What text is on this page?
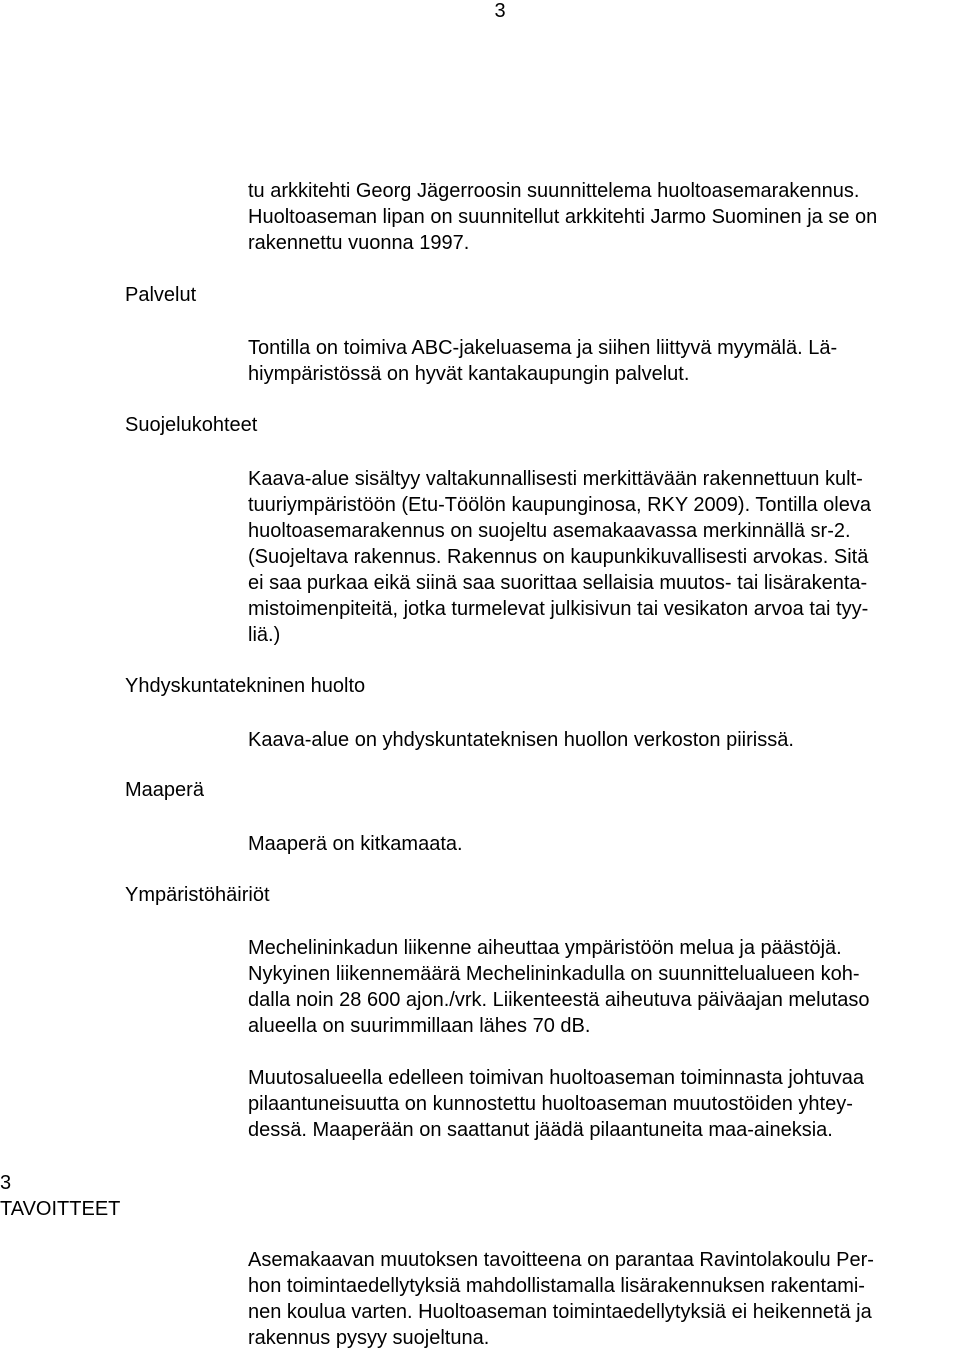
3

tu arkkitehti Georg Jägerroosin suunnittelema huoltoasemarakennus.
Huoltoaseman lipan on suunnitellut arkkitehti Jarmo Suominen ja se on
rakennettu vuonna 1997.

Palvelut

Tontilla on toimiva ABC-jakeluasema ja siihen liittyvä myymälä. Lä-
hiympäristössä on hyvät kantakaupungin palvelut.

Suojelukohteet

Kaava-alue sisältyy valtakunnallisesti merkittävään rakennettuun kult-
tuuriympäristöön (Etu-Töölön kaupunginosa, RKY 2009). Tontilla oleva
huoltoasemarakennus on suojeltu asemakaavassa merkinnällä sr-2.
(Suojeltava rakennus. Rakennus on kaupunkikuvallisesti arvokas. Sitä
ei saa purkaa eikä siinä saa suorittaa sellaisia muutos- tai lisärakenta-
mistoimenpiteitä, jotka turmelevat julkisivun tai vesikaton arvoa tai tyy-
liä.)

Yhdyskuntatekninen huolto

Kaava-alue on yhdyskuntateknisen huollon verkoston piirissä.

Maaperä

Maaperä on kitkamaata.

Ympäristöhäiriöt

Mechelininkadun liikenne aiheuttaa ympäristöön melua ja päästöjä.
Nykyinen liikennemäärä Mechelininkadulla on suunnittelualueen koh-
dalla noin 28 600 ajon./vrk. Liikenteestä aiheutuva päiväajan melutaso
alueella on suurimmillaan lähes 70 dB.

Muutosalueella edelleen toimivan huoltoaseman toiminnasta johtuvaa
pilaantuneisuutta on kunnostettu huoltoaseman muutostöiden yhtey-
dessä. Maaperään on saattanut jäädä pilaantuneita maa-aineksia.

3
TAVOITTEET

Asemakaavan muutoksen tavoitteena on parantaa Ravintolakoulu Per-
hon toimintaedellytyksiä mahdollistamalla lisärakennuksen rakentami-
nen koulua varten. Huoltoaseman toimintaedellytyksiä ei heikennetä ja
rakennus pysyy suojeltuna.
